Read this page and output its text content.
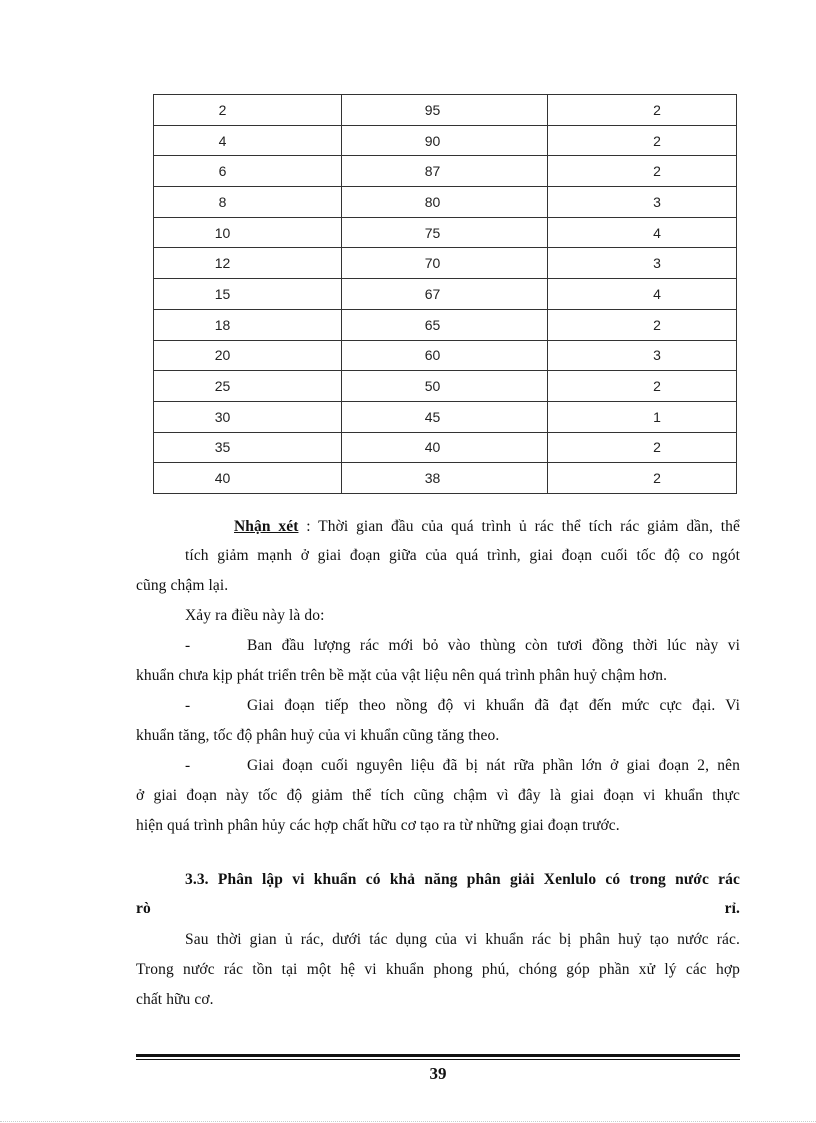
2	95	2
4	90	2
6	87	2
8	80	3
10	75	4
12	70	3
15	67	4
18	65	2
20	60	3
25	50	2
30	45	1
35	40	2
40	38	2
Nhận xét : Thời gian đầu của quá trình ủ rác thể tích rác giảm dần, thể
tích giảm mạnh ở giai đoạn giữa của quá trình, giai đoạn cuối tốc độ co ngót
cũng chậm lại.
Xảy ra điều này là do:
-	Ban đầu lượng rác mới bỏ vào thùng còn tươi đồng thời lúc này vi
khuẩn chưa kịp phát triển trên bề mặt của vật liệu nên quá trình phân huỷ chậm hơn.
-	Giai đoạn tiếp theo nồng độ vi khuẩn đã đạt đến mức cực đại. Vi
khuẩn tăng, tốc độ phân huỷ của vi khuẩn cũng tăng theo.
-	Giai đoạn cuối nguyên liệu đã bị nát rữa phần lớn ở giai đoạn 2, nên
ở giai đoạn này tốc độ giảm thể tích cũng chậm vì đây là giai đoạn vi khuẩn thực
hiện quá trình phân hủy các hợp chất hữu cơ tạo ra từ những giai đoạn trước.
3.3. Phân lập vi khuẩn có khả năng phân giải Xenlulo có trong nước rác
rò	rỉ.
Sau thời gian ủ rác, dưới tác dụng của vi khuẩn rác bị phân huỷ tạo nước rác.
Trong nước rác tồn tại một hệ vi khuẩn phong phú, chóng góp phần xử lý các hợp
chất hữu cơ.
39
